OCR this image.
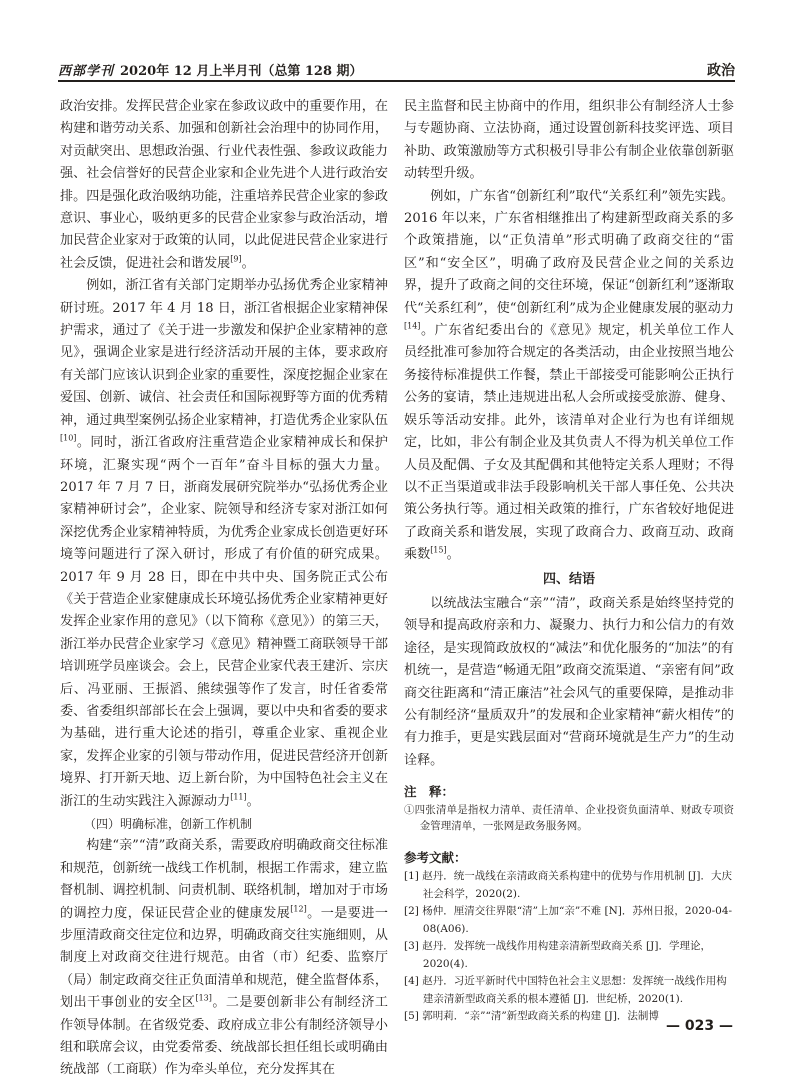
西部学刊 2020年 12 月上半月刊（总第 128 期）	政治

政治安排。发挥民营企业家在参政议政中的重要作用，在构建和谐劳动关系、加强和创新社会治理中的协同作用，对贡献突出、思想政治强、行业代表性强、参政议政能力强、社会信誉好的民营企业家和企业先进个人进行政治安排。四是强化政治吸纳功能，注重培养民营企业家的参政意识、事业心，吸纳更多的民营企业家参与政治活动，增加民营企业家对于政策的认同，以此促进民营企业家进行社会反馈，促进社会和谐发展[9]。

例如，浙江省有关部门定期举办弘扬优秀企业家精神研讨班。2017 年 4 月 18 日，浙江省根据企业家精神保护需求，通过了《关于进一步激发和保护企业家精神的意见》，强调企业家是进行经济活动开展的主体，要求政府有关部门应该认识到企业家的重要性，深度挖掘企业家在爱国、创新、诚信、社会责任和国际视野等方面的优秀精神，通过典型案例弘扬企业家精神，打造优秀企业家队伍[10]。同时，浙江省政府注重营造企业家精神成长和保护环境，汇聚实现“两个一百年”奋斗目标的强大力量。2017 年 7 月 7 日，浙商发展研究院举办“弘扬优秀企业家精神研讨会”，企业家、院领导和经济专家对浙江如何深挖优秀企业家精神特质，为优秀企业家成长创造更好环境等问题进行了深入研讨，形成了有价值的研究成果。2017 年 9 月 28 日，即在中共中央、国务院正式公布《关于营造企业家健康成长环境弘扬优秀企业家精神更好发挥企业家作用的意见》（以下简称《意见》）的第三天，浙江举办民营企业家学习《意见》精神暨工商联领导干部培训班学员座谈会。会上，民营企业家代表王建沂、宗庆后、冯亚丽、王振滔、熊续强等作了发言，时任省委常委、省委组织部部长在会上强调，要以中央和省委的要求为基础，进行重大论述的指引，尊重企业家、重视企业家，发挥企业家的引领与带动作用，促进民营经济开创新境界、打开新天地、迈上新台阶，为中国特色社会主义在浙江的生动实践注入源源动力[11]。

（四）明确标准，创新工作机制

构建“亲”“清”政商关系，需要政府明确政商交往标准和规范，创新统一战线工作机制，根据工作需求，建立监督机制、调控机制、问责机制、联络机制，增加对于市场的调控力度，保证民营企业的健康发展[12]。一是要进一步厘清政商交往定位和边界，明确政商交往实施细则，从制度上对政商交往进行规范。由省（市）纪委、监察厅（局）制定政商交往正负面清单和规范，健全监督体系，划出干事创业的安全区[13]。二是要创新非公有制经济工作领导体制。在省级党委、政府成立非公有制经济领导小组和联席会议，由党委常委、统战部长担任组长或明确由统战部（工商联）作为牵头单位，充分发挥其在

民主监督和民主协商中的作用，组织非公有制经济人士参与专题协商、立法协商，通过设置创新科技奖评选、项目补助、政策激励等方式积极引导非公有制企业依靠创新驱动转型升级。

例如，广东省“创新红利”取代“关系红利”领先实践。2016 年以来，广东省相继推出了构建新型政商关系的多个政策措施，以“正负清单”形式明确了政商交往的“雷区”和“安全区”，明确了政府及民营企业之间的关系边界，提升了政商之间的交往环境，保证“创新红利”逐渐取代“关系红利”，使“创新红利”成为企业健康发展的驱动力[14]。广东省纪委出台的《意见》规定，机关单位工作人员经批准可参加符合规定的各类活动，由企业按照当地公务接待标准提供工作餐，禁止干部接受可能影响公正执行公务的宴请，禁止违规进出私人会所或接受旅游、健身、娱乐等活动安排。此外，该清单对企业行为也有详细规定，比如，非公有制企业及其负责人不得为机关单位工作人员及配偶、子女及其配偶和其他特定关系人理财；不得以不正当渠道或非法手段影响机关干部人事任免、公共决策公务执行等。通过相关政策的推行，广东省较好地促进了政商关系和谐发展，实现了政商合力、政商互动、政商乘数[15]。

四、结语

以统战法宝融合“亲”“清”，政商关系是始终坚持党的领导和提高政府亲和力、凝聚力、执行力和公信力的有效途径，是实现简政放权的“减法”和优化服务的“加法”的有机统一，是营造“畅通无阻”政商交流渠道、“亲密有间”政商交往距离和“清正廉洁”社会风气的重要保障，是推动非公有制经济“量质双升”的发展和企业家精神“薪火相传”的有力推手，更是实践层面对“营商环境就是生产力”的生动诠释。

注　释：
①四张清单是指权力清单、责任清单、企业投资负面清单、财政专项资金管理清单，一张网是政务服务网。
参考文献：
[1] 赵丹．统一战线在亲清政商关系构建中的优势与作用机制 [J]．大庆社会科学，2020(2).
[2] 杨仲．厘清交往界限“清”上加“亲”不难 [N]．苏州日报，2020-04-08(A06).
[3] 赵丹．发挥统一战线作用构建亲清新型政商关系 [J]．学理论，2020(4).
[4] 赵丹．习近平新时代中国特色社会主义思想：发挥统一战线作用构建亲清新型政商关系的根本遵循 [J]．世纪桥，2020(1).
[5] 郭明莉．“亲”“清”新型政商关系的构建 [J]．法制博
— 023 —
